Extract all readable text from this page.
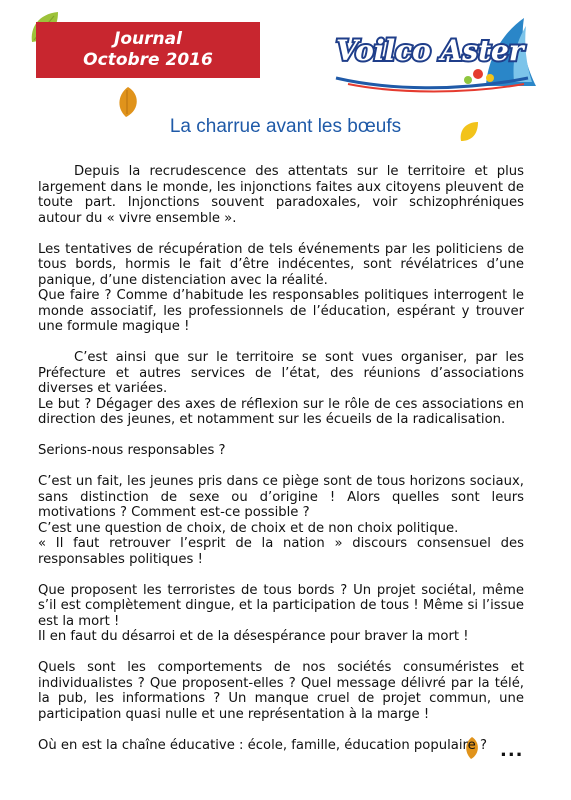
Journal
Octobre 2016	Voilco Aster
La charrue avant les bœufs

Depuis la recrudescence des attentats sur le territoire et plus largement dans le monde, les injonctions faites aux citoyens pleuvent de toute part. Injonctions souvent paradoxales, voir schizophréniques autour du « vivre ensemble ».

Les tentatives de récupération de tels événements par les politiciens de tous bords, hormis le fait d’être indécentes, sont révélatrices d’une panique, d’une distenciation avec la réalité.

Que faire ? Comme d’habitude les responsables politiques interrogent le monde associatif, les professionnels de l’éducation, espérant y trouver une formule magique !

C’est ainsi que sur le territoire se sont vues organiser, par les Préfecture et autres services de l’état, des réunions d’associations diverses et variées.

Le but ? Dégager des axes de réflexion sur le rôle de ces associations en direction des jeunes, et notamment sur les écueils de la radicalisation.

Serions-nous responsables ?

C’est un fait, les jeunes pris dans ce piège sont de tous horizons sociaux, sans distinction de sexe ou d’origine ! Alors quelles sont leurs motivations ? Comment est-ce possible ?

C’est une question de choix, de choix et de non choix politique.

« Il faut retrouver l’esprit de la nation » discours consensuel des responsables politiques !

Que proposent les terroristes de tous bords ? Un projet sociétal, même s’il est complètement dingue, et la participation de tous ! Même si l’issue est la mort !

Il en faut du désarroi et de la désespérance pour braver la mort !

Quels sont les comportements de nos sociétés consuméristes et individualistes ? Que proposent-elles ? Quel message délivré par la télé, la pub, les informations ? Un manque cruel de projet commun, une participation quasi nulle et une représentation à la marge !

Où en est la chaîne éducative : école, famille, éducation populaire ? ...
